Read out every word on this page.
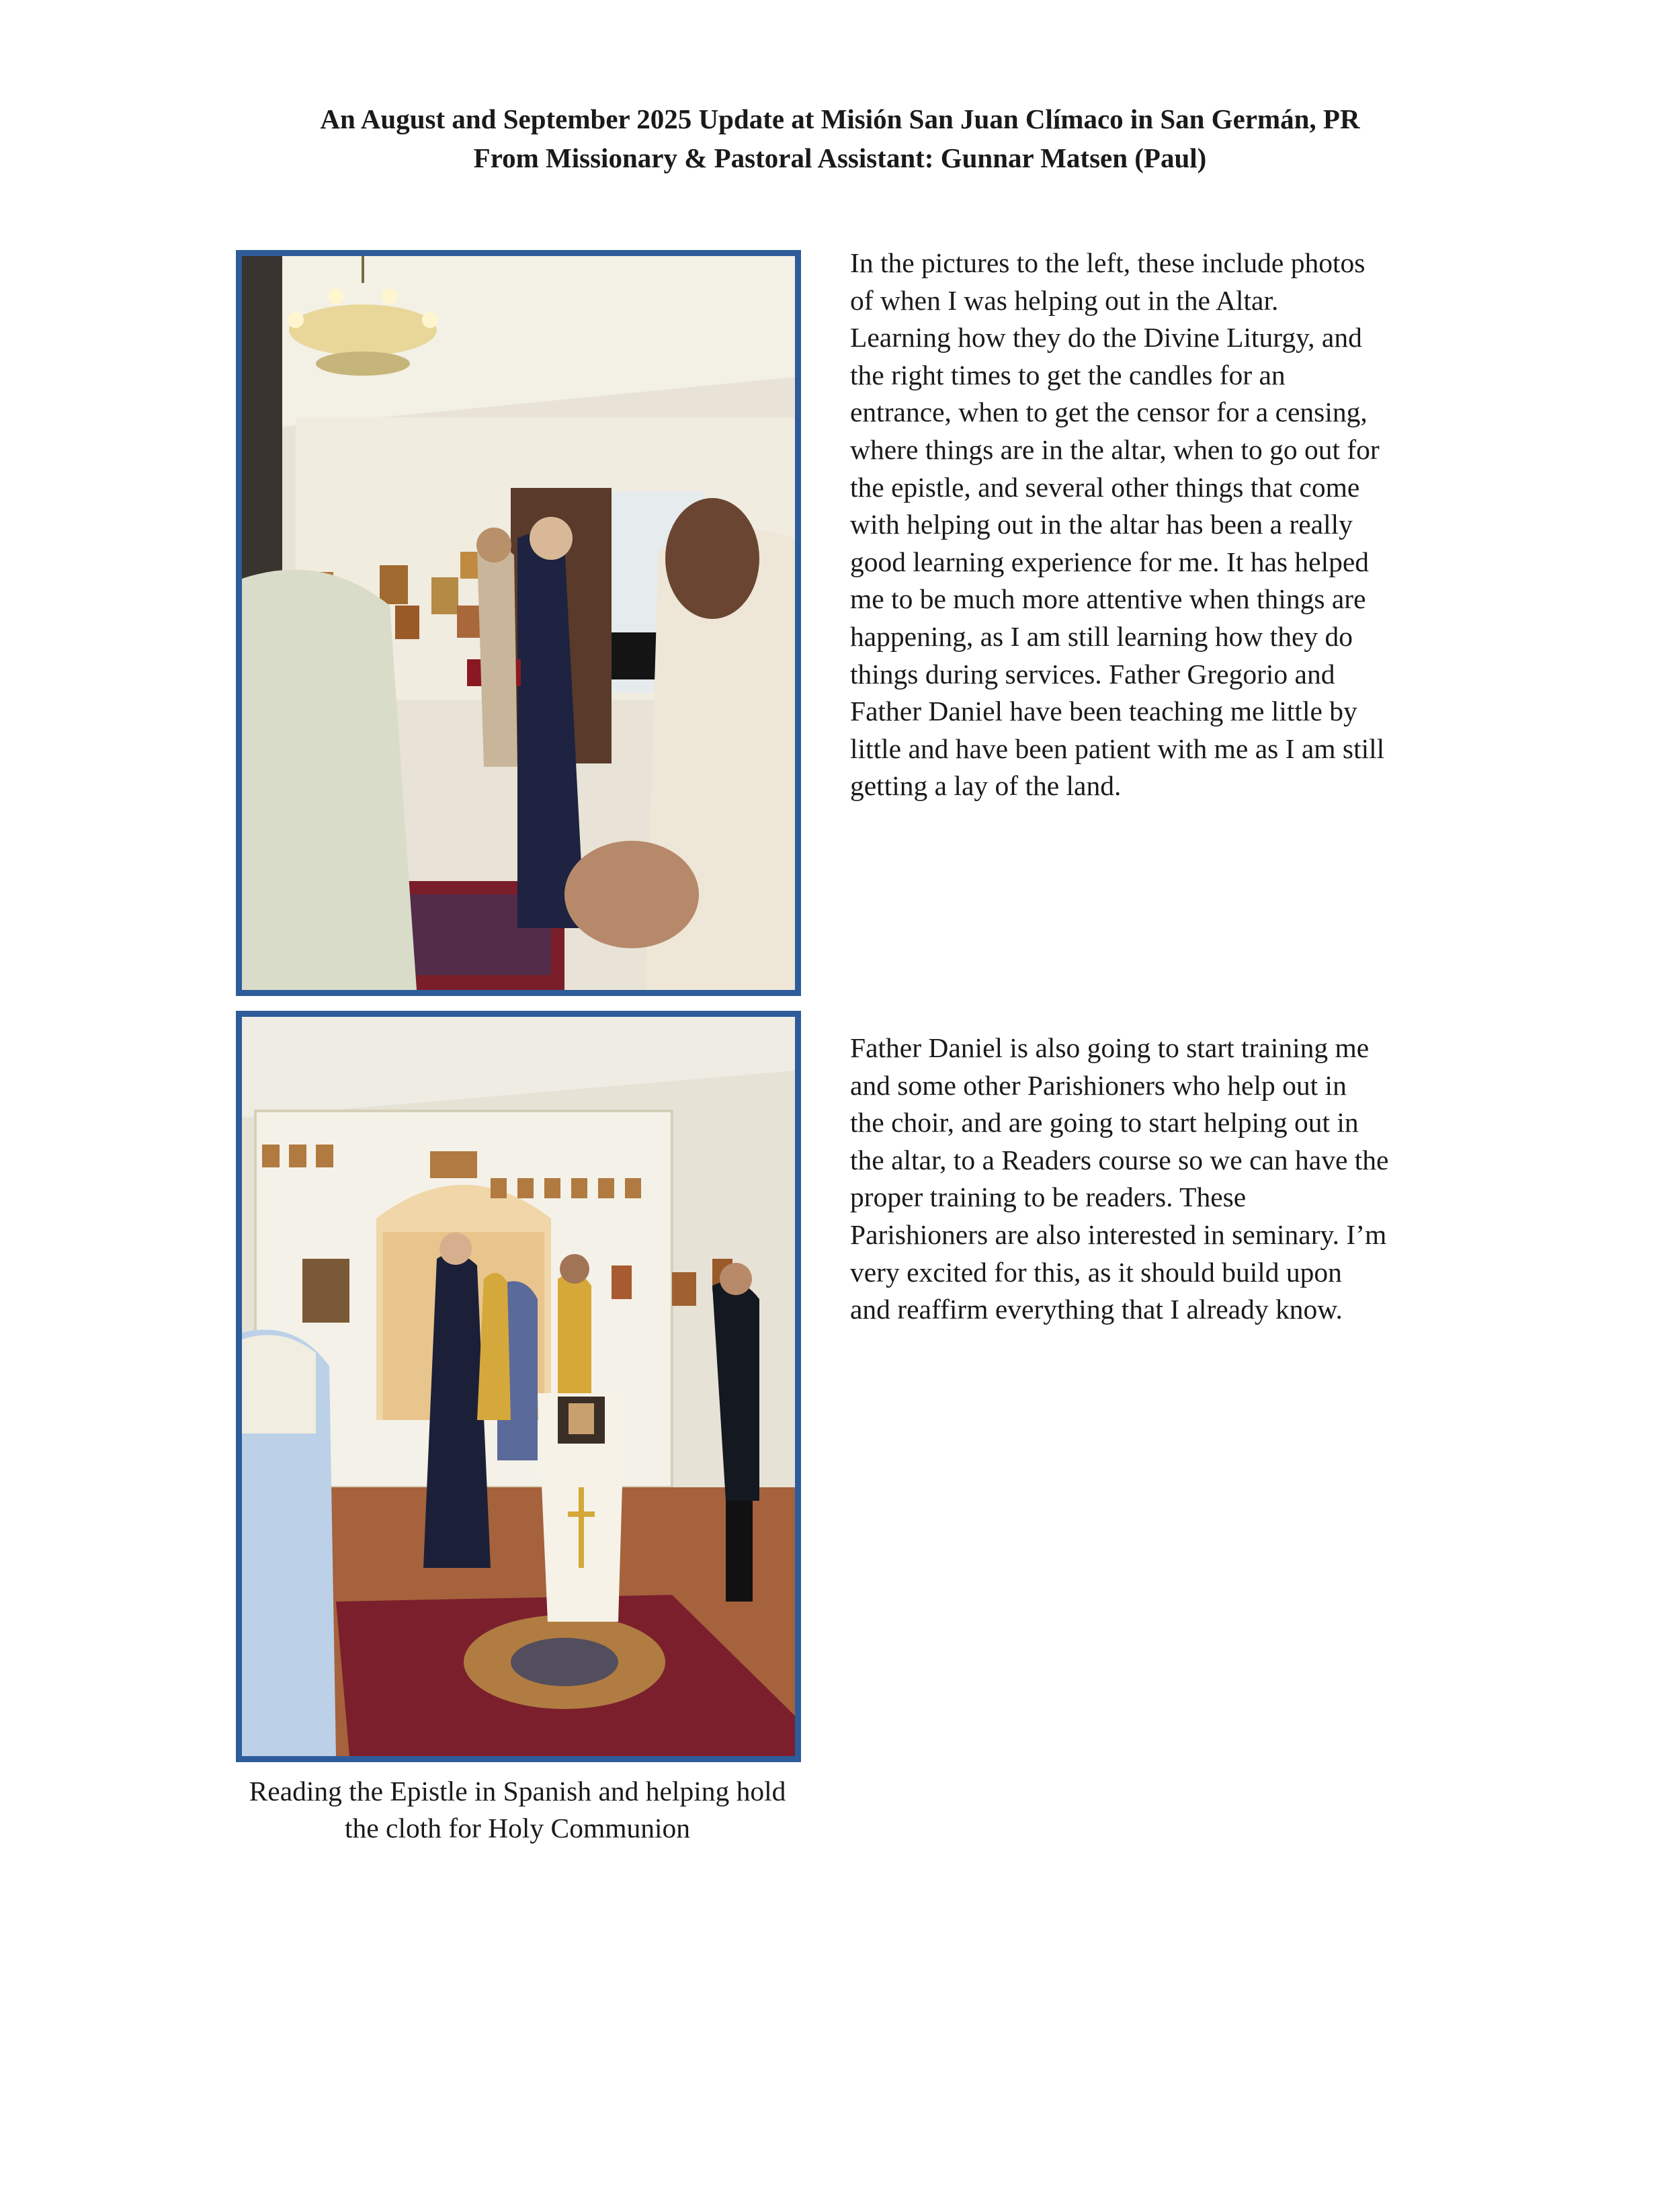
An August and September 2025 Update at Misión San Juan Clímaco in San Germán, PR
From Missionary & Pastoral Assistant: Gunnar Matsen (Paul)
In the pictures to the left, these include photos
of when I was helping out in the Altar.
Learning how they do the Divine Liturgy, and
the right times to get the candles for an
entrance, when to get the censor for a censing,
where things are in the altar, when to go out for
the epistle, and several other things that come
with helping out in the altar has been a really
good learning experience for me. It has helped
me to be much more attentive when things are
happening, as I am still learning how they do
things during services. Father Gregorio and
Father Daniel have been teaching me little by
little and have been patient with me as I am still
getting a lay of the land.
Father Daniel is also going to start training me
and some other Parishioners who help out in
the choir, and are going to start helping out in
the altar, to a Readers course so we can have the
proper training to be readers. These
Parishioners are also interested in seminary. I’m
very excited for this, as it should build upon
and reaffirm everything that I already know.
Reading the Epistle in Spanish and helping hold
the cloth for Holy Communion
